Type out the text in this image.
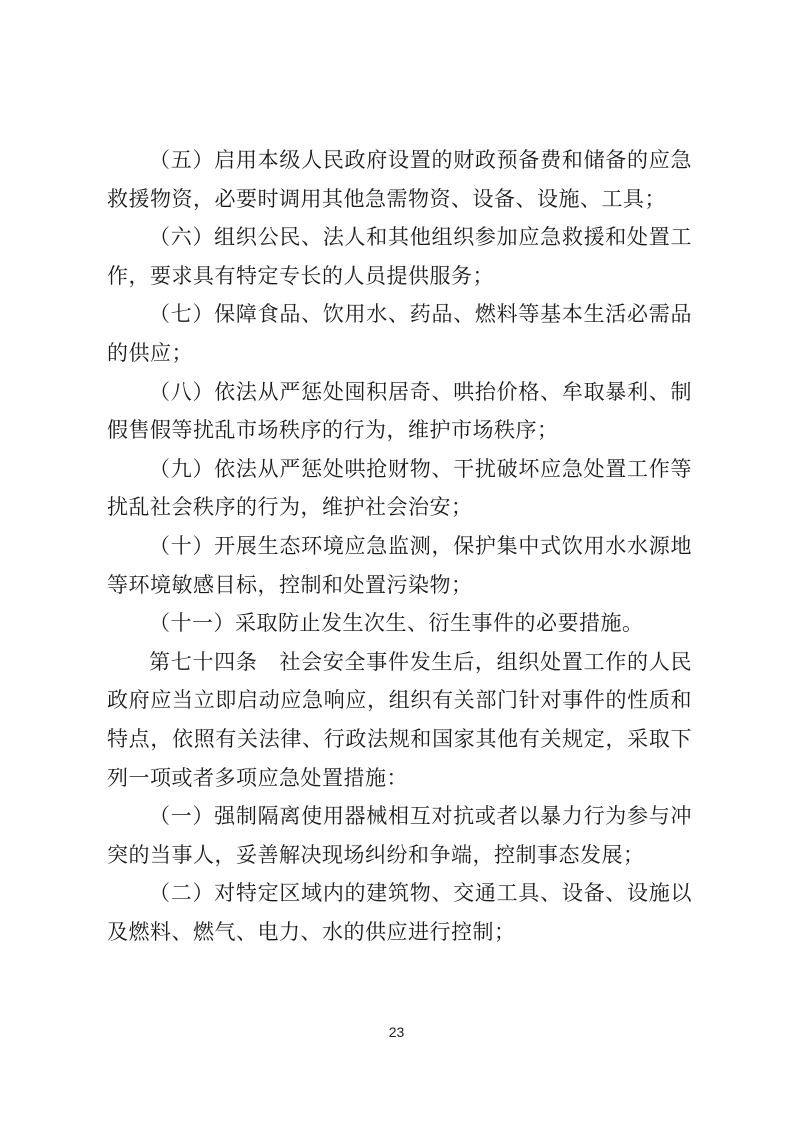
（五）启用本级人民政府设置的财政预备费和储备的应急救援物资，必要时调用其他急需物资、设备、设施、工具；

（六）组织公民、法人和其他组织参加应急救援和处置工作，要求具有特定专长的人员提供服务；

（七）保障食品、饮用水、药品、燃料等基本生活必需品的供应；

（八）依法从严惩处囤积居奇、哄抬价格、牟取暴利、制假售假等扰乱市场秩序的行为，维护市场秩序；

（九）依法从严惩处哄抢财物、干扰破坏应急处置工作等扰乱社会秩序的行为，维护社会治安；

（十）开展生态环境应急监测，保护集中式饮用水水源地等环境敏感目标，控制和处置污染物；

（十一）采取防止发生次生、衍生事件的必要措施。

第七十四条　社会安全事件发生后，组织处置工作的人民政府应当立即启动应急响应，组织有关部门针对事件的性质和特点，依照有关法律、行政法规和国家其他有关规定，采取下列一项或者多项应急处置措施：

（一）强制隔离使用器械相互对抗或者以暴力行为参与冲突的当事人，妥善解决现场纠纷和争端，控制事态发展；

（二）对特定区域内的建筑物、交通工具、设备、设施以及燃料、燃气、电力、水的供应进行控制；

23
